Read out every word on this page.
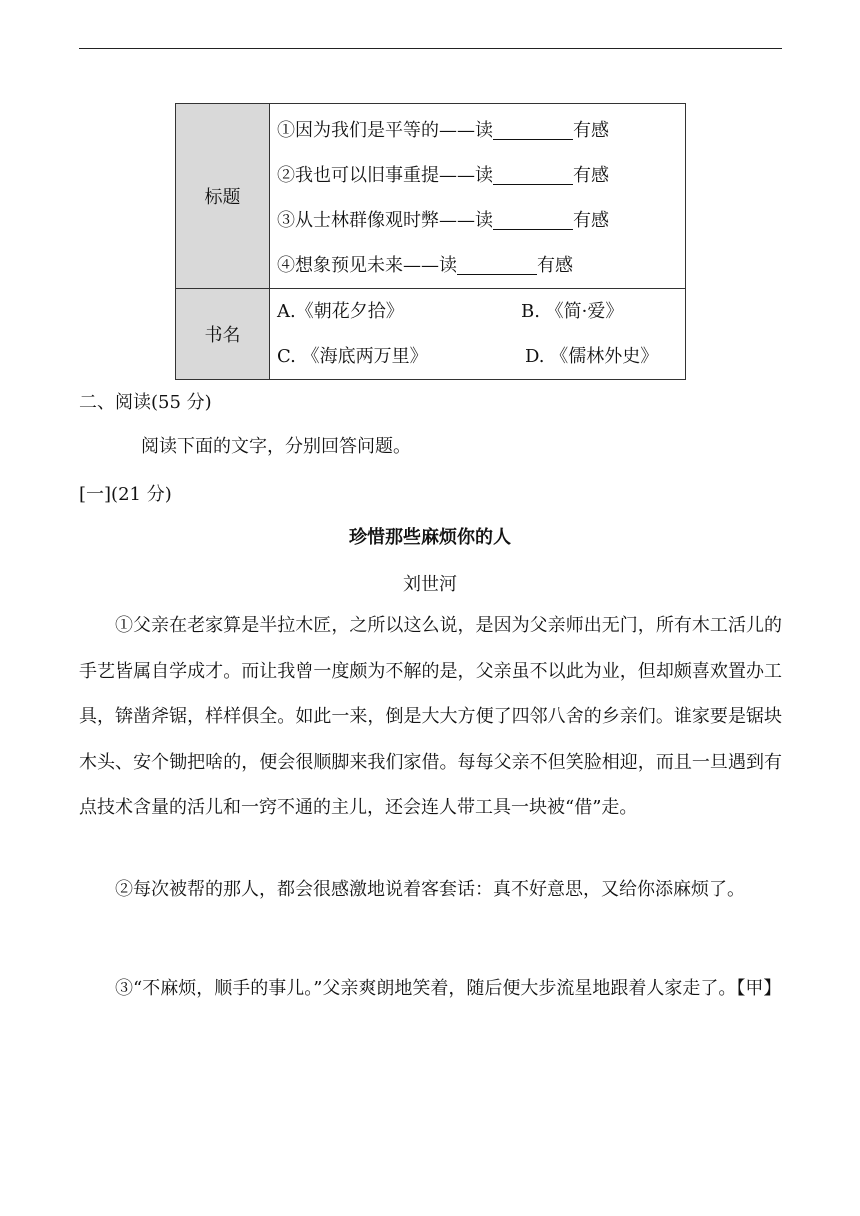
标题	①因为我们是平等的——读 有感
②我也可以旧事重提——读 有感
③从士林群像观时弊——读 有感
④想象预见未来——读 有感

书名	A.《朝花夕拾》 B. 《简·爱》
C. 《海底两万里》 D. 《儒林外史》
二、阅读(55 分)
阅读下面的文字，分别回答问题。
[一](21 分)
珍惜那些麻烦你的人
刘世河
①父亲在老家算是半拉木匠，之所以这么说，是因为父亲师出无门，所有木工活儿的手艺皆属自学成才。而让我曾一度颇为不解的是，父亲虽不以此为业，但却颇喜欢置办工具，锛凿斧锯，样样俱全。如此一来，倒是大大方便了四邻八舍的乡亲们。谁家要是锯块木头、安个锄把啥的，便会很顺脚来我们家借。每每父亲不但笑脸相迎，而且一旦遇到有点技术含量的活儿和一窍不通的主儿，还会连人带工具一块被“借”走。
②每次被帮的那人，都会很感激地说着客套话：真不好意思，又给你添麻烦了。
③“不麻烦，顺手的事儿。”父亲爽朗地笑着，随后便大步流星地跟着人家走了。【甲】
